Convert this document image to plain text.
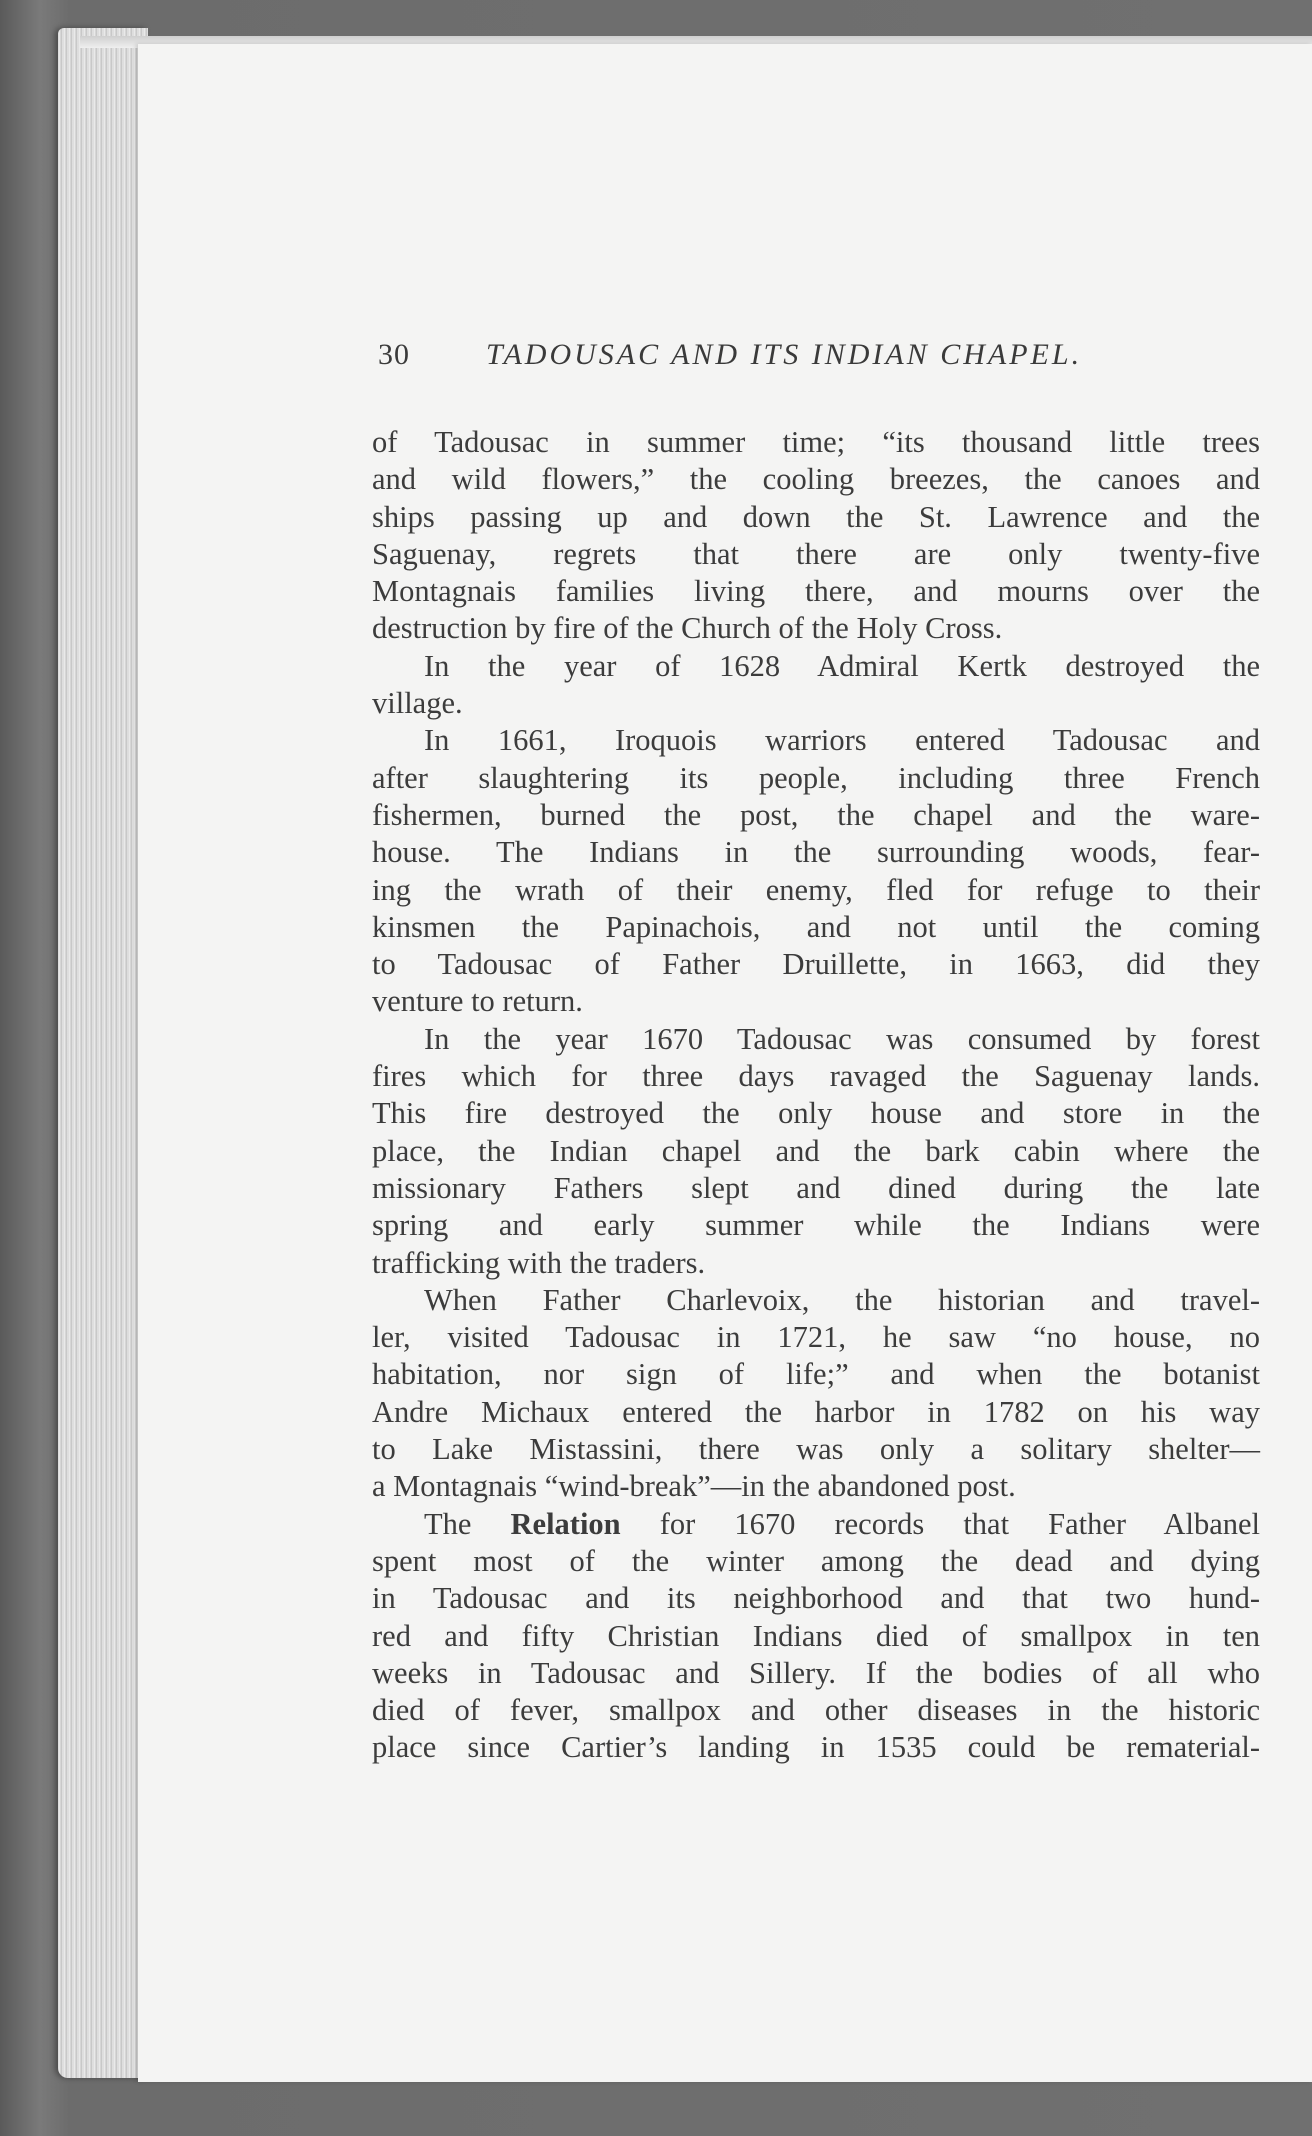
30	TADOUSAC AND ITS INDIAN CHAPEL.
of Tadousac in summer time; “its thousand little trees
and wild flowers,” the cooling breezes, the canoes and
ships passing up and down the St. Lawrence and the
Saguenay, regrets that there are only twenty-five
Montagnais families living there, and mourns over the
destruction by fire of the Church of the Holy Cross.
In the year of 1628 Admiral Kertk destroyed the
village.
In 1661, Iroquois warriors entered Tadousac and
after slaughtering its people, including three French
fishermen, burned the post, the chapel and the ware-
house. The Indians in the surrounding woods, fear-
ing the wrath of their enemy, fled for refuge to their
kinsmen the Papinachois, and not until the coming
to Tadousac of Father Druillette, in 1663, did they
venture to return.
In the year 1670 Tadousac was consumed by forest
fires which for three days ravaged the Saguenay lands.
This fire destroyed the only house and store in the
place, the Indian chapel and the bark cabin where the
missionary Fathers slept and dined during the late
spring and early summer while the Indians were
trafficking with the traders.
When Father Charlevoix, the historian and travel-
ler, visited Tadousac in 1721, he saw “no house, no
habitation, nor sign of life;” and when the botanist
Andre Michaux entered the harbor in 1782 on his way
to Lake Mistassini, there was only a solitary shelter—
a Montagnais “wind-break”—in the abandoned post.
The Relation for 1670 records that Father Albanel
spent most of the winter among the dead and dying
in Tadousac and its neighborhood and that two hund-
red and fifty Christian Indians died of smallpox in ten
weeks in Tadousac and Sillery. If the bodies of all who
died of fever, smallpox and other diseases in the historic
place since Cartier’s landing in 1535 could be rematerial-
